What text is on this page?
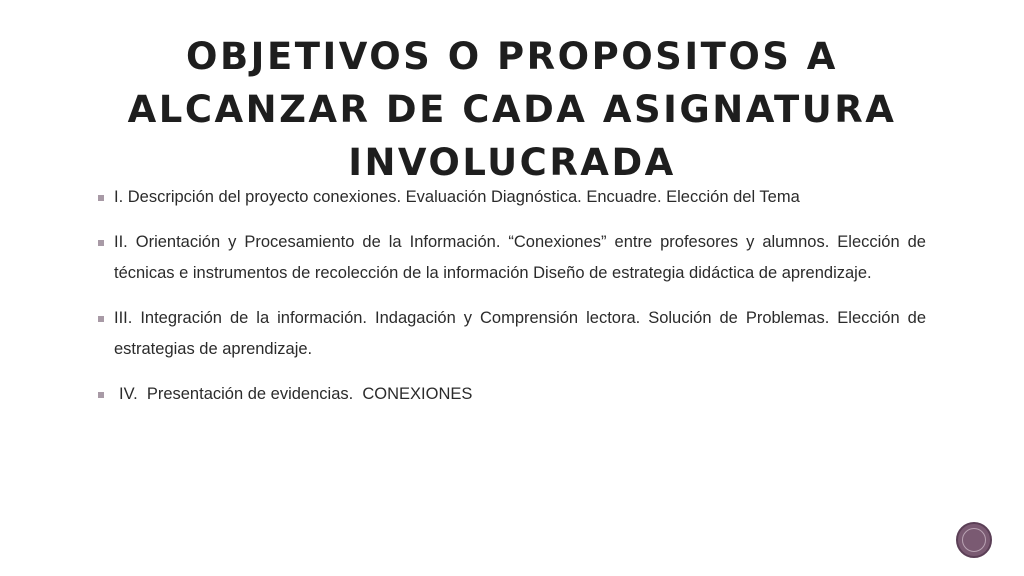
OBJETIVOS O PROPOSITOS A ALCANZAR DE CADA ASIGNATURA INVOLUCRADA
I. Descripción del proyecto conexiones. Evaluación Diagnóstica. Encuadre. Elección del Tema
II. Orientación y Procesamiento de la Información. “Conexiones” entre profesores y alumnos. Elección de técnicas e instrumentos de recolección de la información Diseño de estrategia didáctica de aprendizaje.
III. Integración de la información. Indagación y Comprensión lectora. Solución de Problemas. Elección de estrategias de aprendizaje.
IV.  Presentación de evidencias.  CONEXIONES
